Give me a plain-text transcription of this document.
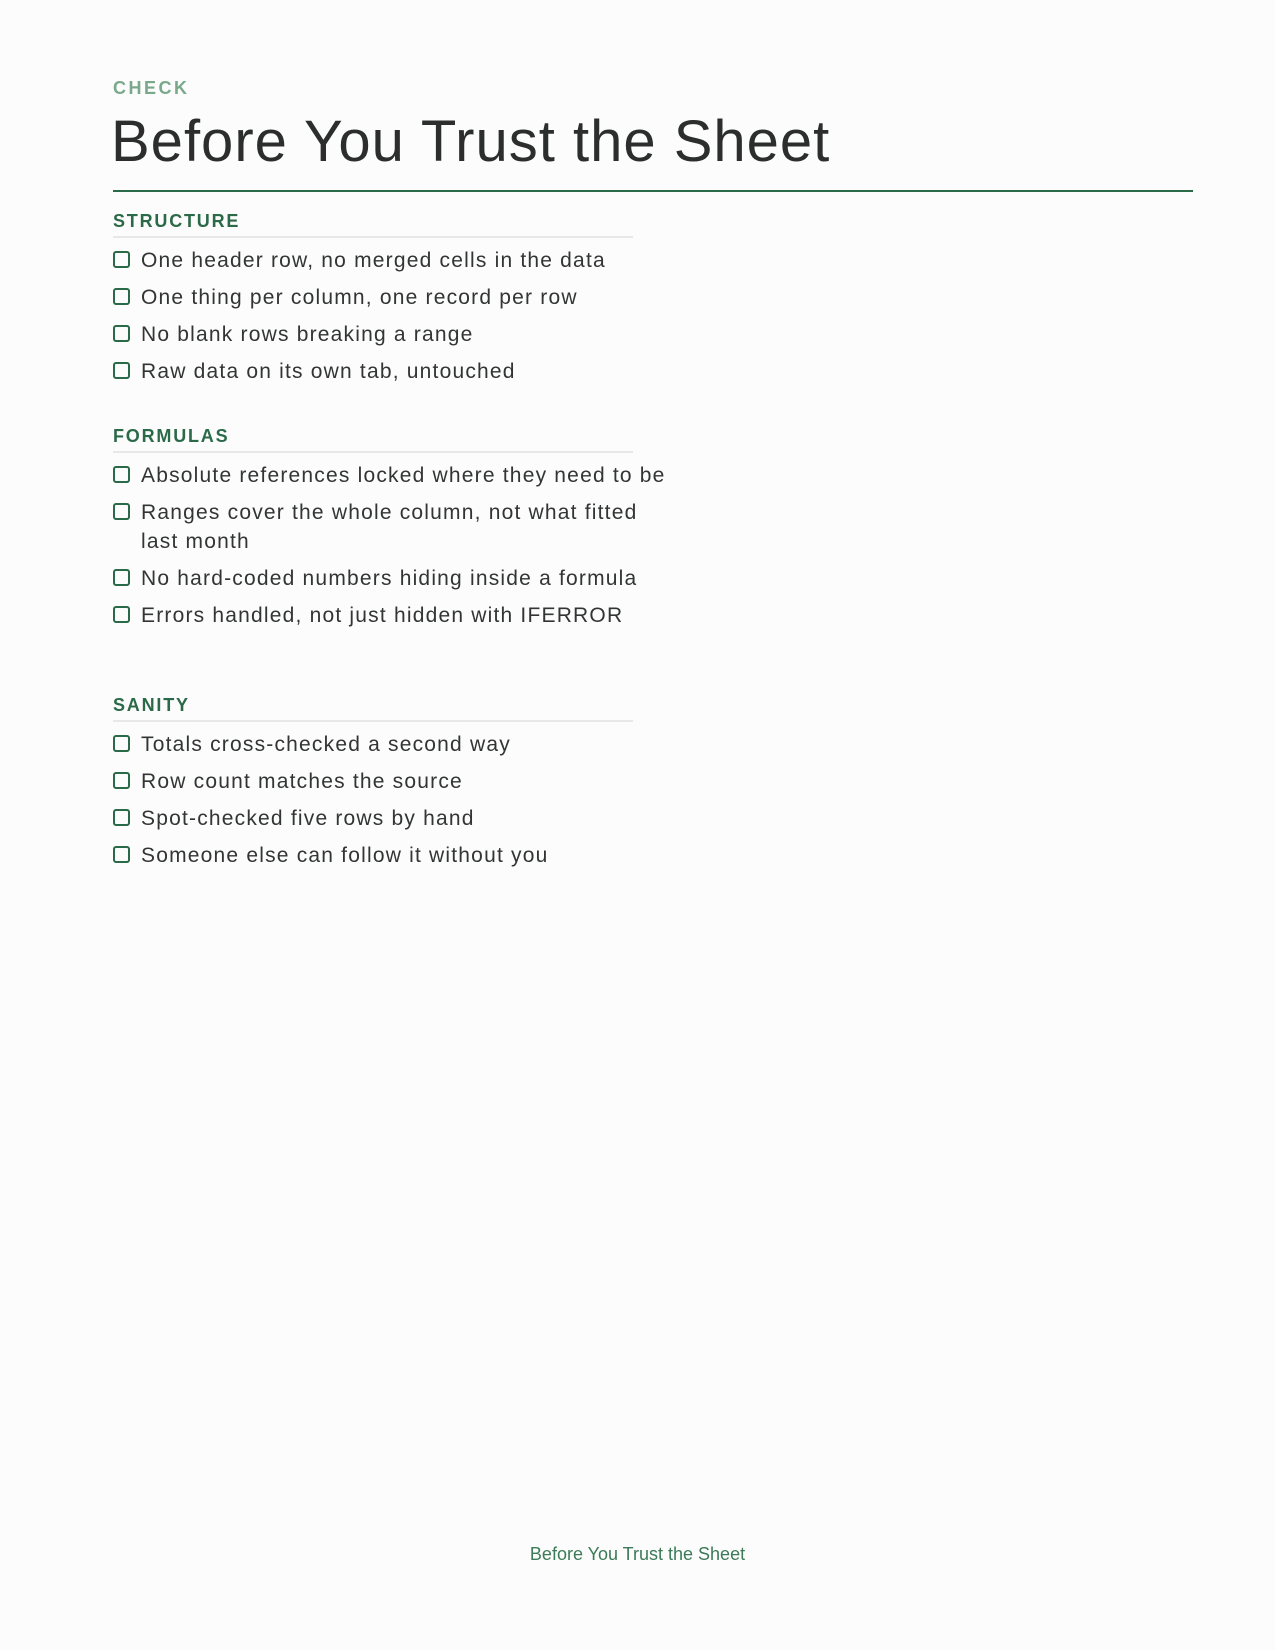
CHECK
Before You Trust the Sheet
STRUCTURE
One header row, no merged cells in the data
One thing per column, one record per row
No blank rows breaking a range
Raw data on its own tab, untouched
FORMULAS
Absolute references locked where they need to be
Ranges cover the whole column, not what fitted last month
No hard-coded numbers hiding inside a formula
Errors handled, not just hidden with IFERROR
SANITY
Totals cross-checked a second way
Row count matches the source
Spot-checked five rows by hand
Someone else can follow it without you
Before You Trust the Sheet
